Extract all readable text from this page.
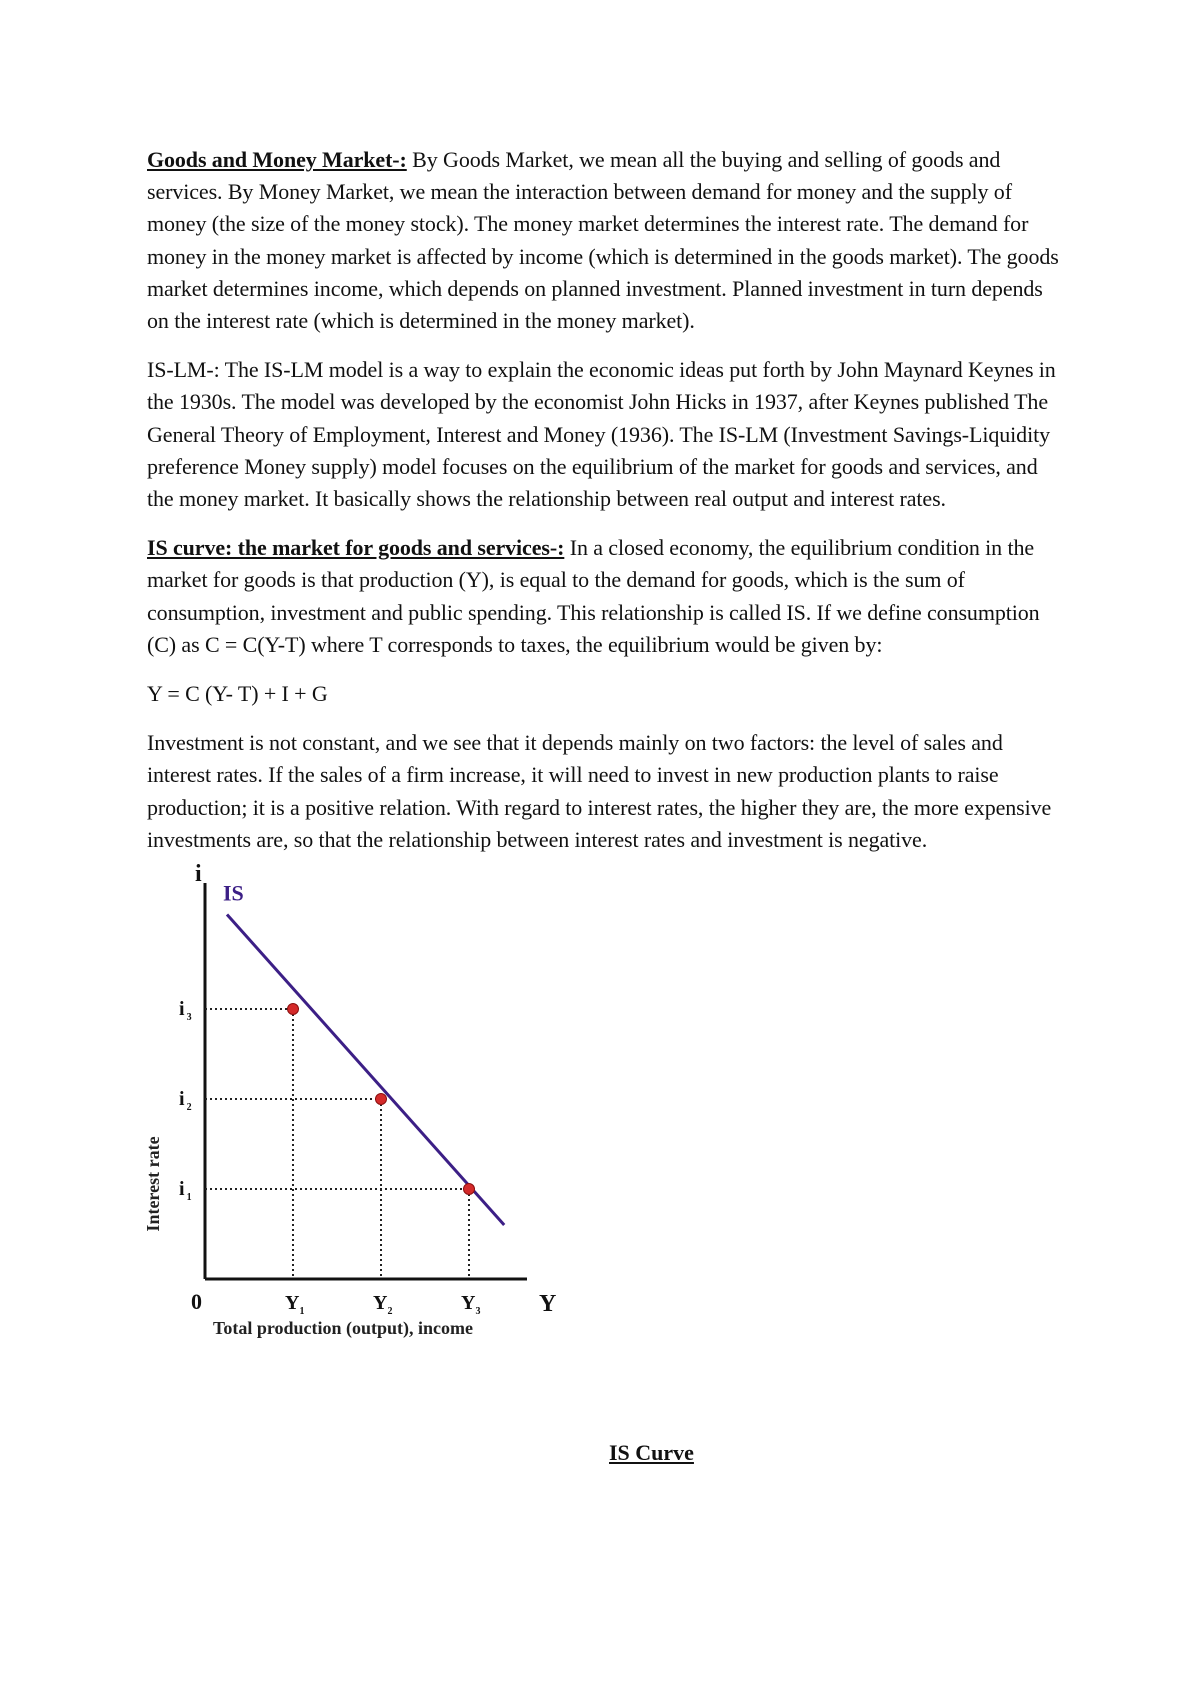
Goods and Money Market-: By Goods Market, we mean all the buying and selling of goods and services. By Money Market, we mean the interaction between demand for money and the supply of money (the size of the money stock). The money market determines the interest rate. The demand for money in the money market is affected by income (which is determined in the goods market). The goods market determines income, which depends on planned investment. Planned investment in turn depends on the interest rate (which is determined in the money market).

IS-LM-: The IS-LM model is a way to explain the economic ideas put forth by John Maynard Keynes in the 1930s. The model was developed by the economist John Hicks in 1937, after Keynes published The General Theory of Employment, Interest and Money (1936). The IS-LM (Investment Savings-Liquidity preference Money supply) model focuses on the equilibrium of the market for goods and services, and the money market. It basically shows the relationship between real output and interest rates.

IS curve: the market for goods and services-: In a closed economy, the equilibrium condition in the market for goods is that production (Y), is equal to the demand for goods, which is the sum of consumption, investment and public spending. This relationship is called IS. If we define consumption (C) as C = C(Y-T) where T corresponds to taxes, the equilibrium would be given by:

Y = C (Y- T) + I + G

Investment is not constant, and we see that it depends mainly on two factors: the level of sales and interest rates. If the sales of a firm increase, it will need to invest in new production plants to raise production; it is a positive relation. With regard to interest rates, the higher they are, the more expensive investments are, so that the relationship between interest rates and investment is negative.

i
Y
0
IS
i $_3$
i $_2$
i $_1$
$Y_1$	$Y_2$	$Y_3$
Total production (output), income
Interest rate
IS Curve
